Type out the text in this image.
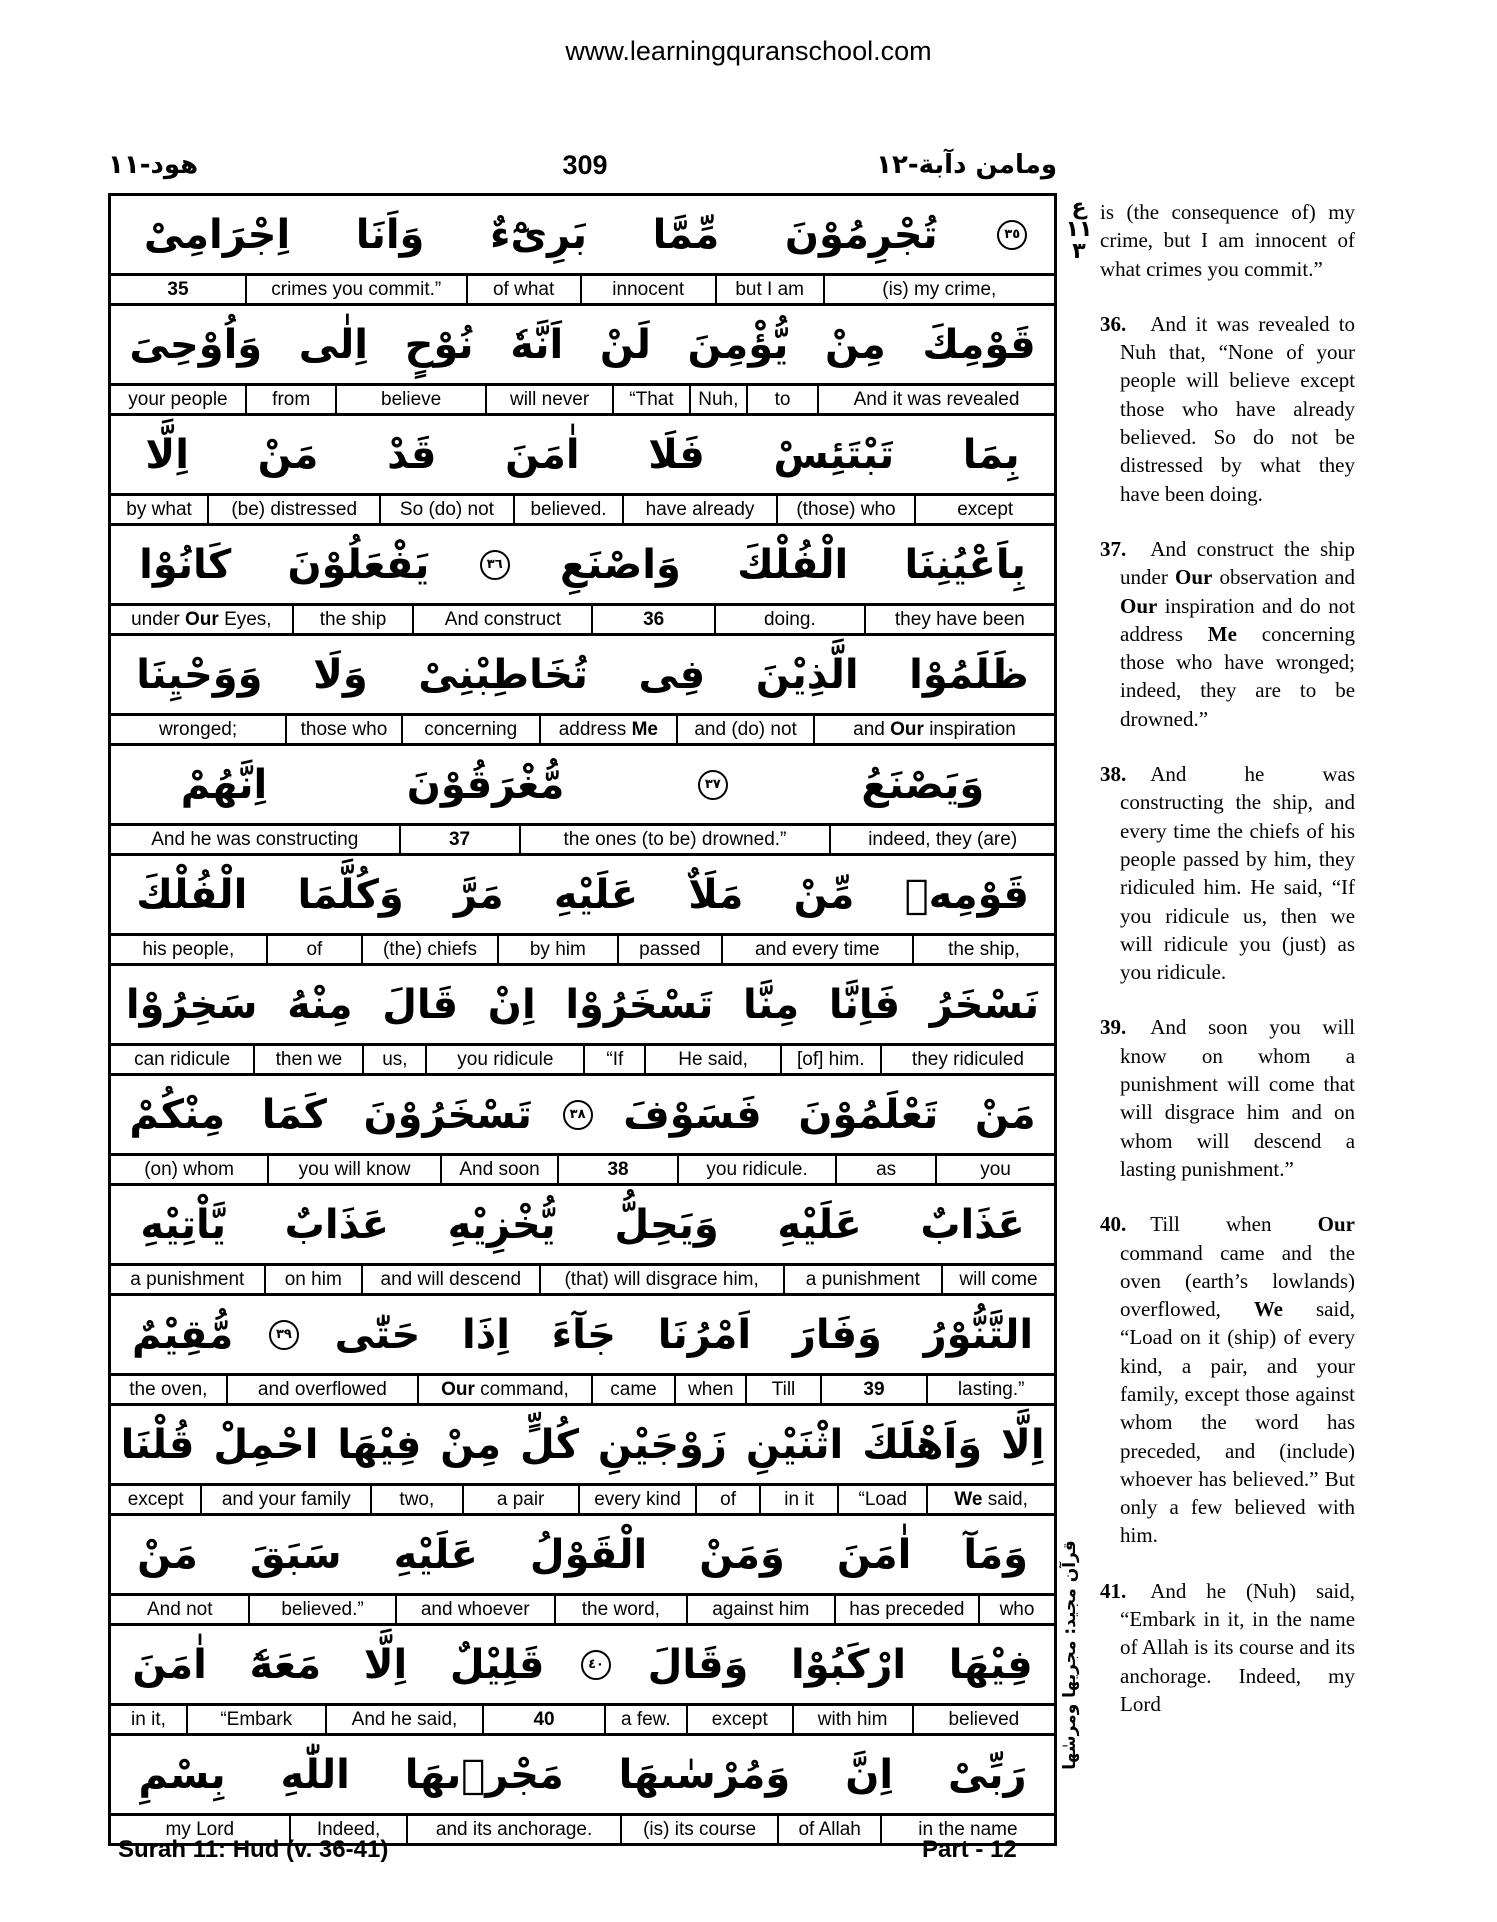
www.learningquranschool.com
هود-١١	309	ومامن دآبة-١٢
اِجْرَامِیْ وَاَنَا بَرِیْٓءٌ مِّمَّا تُجْرِمُوْنَ	٣٥
35	crimes you commit.”	of what	innocent	but I am	(is) my crime,
وَاُوْحِیَ اِلٰی نُوْحٍ اَنَّهٗ لَنْ یُّؤْمِنَ مِنْ قَوْمِكَ
your people	from	believe	will never	“That	Nuh,	to	And it was revealed
اِلَّا مَنْ قَدْ اٰمَنَ فَلَا تَبْتَئِسْ بِمَا
by what	(be) distressed	So (do) not	believed.	have already	(those) who	except
كَانُوْا یَفْعَلُوْنَ	٣٦ وَاصْنَعِ الْفُلْكَ بِاَعْیُنِنَا
under Our Eyes,	the ship	And construct	36	doing.	they have been
وَوَحْیِنَا وَلَا تُخَاطِبْنِیْ فِی الَّذِیْنَ ظَلَمُوْا
wronged;	those who	concerning	address Me	and (do) not	and Our inspiration
اِنَّهُمْ	مُّغْرَقُوْنَ	٣٧	وَیَصْنَعُ
And he was constructing	37	the ones (to be) drowned.”	indeed, they (are)
الْفُلْكَ وَكُلَّمَا مَرَّ عَلَیْهِ مَلَاٌ مِّنْ قَوْمِهٖ
his people,	of	(the) chiefs	by him	passed	and every time	the ship,
سَخِرُوْا مِنْهُ قَالَ اِنْ تَسْخَرُوْا مِنَّا فَاِنَّا نَسْخَرُ
can ridicule	then we	us,	you ridicule	“If	He said,	[of] him.	they ridiculed
مِنْكُمْ كَمَا تَسْخَرُوْنَ	٣٨ فَسَوْفَ تَعْلَمُوْنَ مَنْ
(on) whom	you will know	And soon	38	you ridicule.	as	you
یَّاْتِیْهِ عَذَابٌ یُّخْزِیْهِ وَیَحِلُّ عَلَیْهِ عَذَابٌ
a punishment	on him	and will descend	(that) will disgrace him,	a punishment	will come
مُّقِیْمٌ	٣٩ حَتّٰی اِذَا جَآءَ اَمْرُنَا وَفَارَ التَّنُّوْرُ
the oven,	and overflowed	Our command,	came	when	Till	39	lasting.”
قُلْنَا احْمِلْ فِیْهَا مِنْ كُلٍّ زَوْجَیْنِ اثْنَیْنِ وَاَهْلَكَ اِلَّا
except	and your family	two,	a pair	every kind	of	in it	“Load	We said,
مَنْ سَبَقَ عَلَیْهِ الْقَوْلُ وَمَنْ اٰمَنَ وَمَآ
And not	believed.”	and whoever	the word,	against him	has preceded	who
اٰمَنَ مَعَهٗٓ اِلَّا قَلِیْلٌ	٤٠ وَقَالَ ارْكَبُوْا فِیْهَا
in it,	“Embark	And he said,	40	a few.	except	with him	believed
بِسْمِ اللّٰهِ مَجْرٖىهَا وَمُرْسٰىهَا اِنَّ رَبِّیْ
my Lord	Indeed,	and its anchorage.	(is) its course	of Allah	in the name
ع ١١ ٣
قرآن مجید: مجریھا ومرسٰھا

is (the consequence of) my crime, but I am innocent of what crimes you commit.”

36. And it was revealed to Nuh that, “None of your people will believe except those who have already believed. So do not be distressed by what they have been doing.

37. And construct the ship under Our observation and Our inspiration and do not address Me concerning those who have wronged; indeed, they are to be drowned.”

38. And	he	was constructing the ship, and every time the chiefs of his people passed by him, they ridiculed him. He said, “If you ridicule us, then we will ridicule you (just) as you ridicule.

39. And soon you will know on whom a punishment will come that will disgrace him and on whom will descend a lasting punishment.”

40. Till when Our command came and the oven (earth’s lowlands) overflowed, We said, “Load on it (ship) of every kind, a pair, and your family, except those against whom the word has preceded, and (include) whoever has believed.” But only a few believed with him.

41. And he (Nuh) said, “Embark in it, in the name of Allah is its course and its anchorage. Indeed, my Lord

Surah 11: Hud (v. 36-41)	Part - 12
